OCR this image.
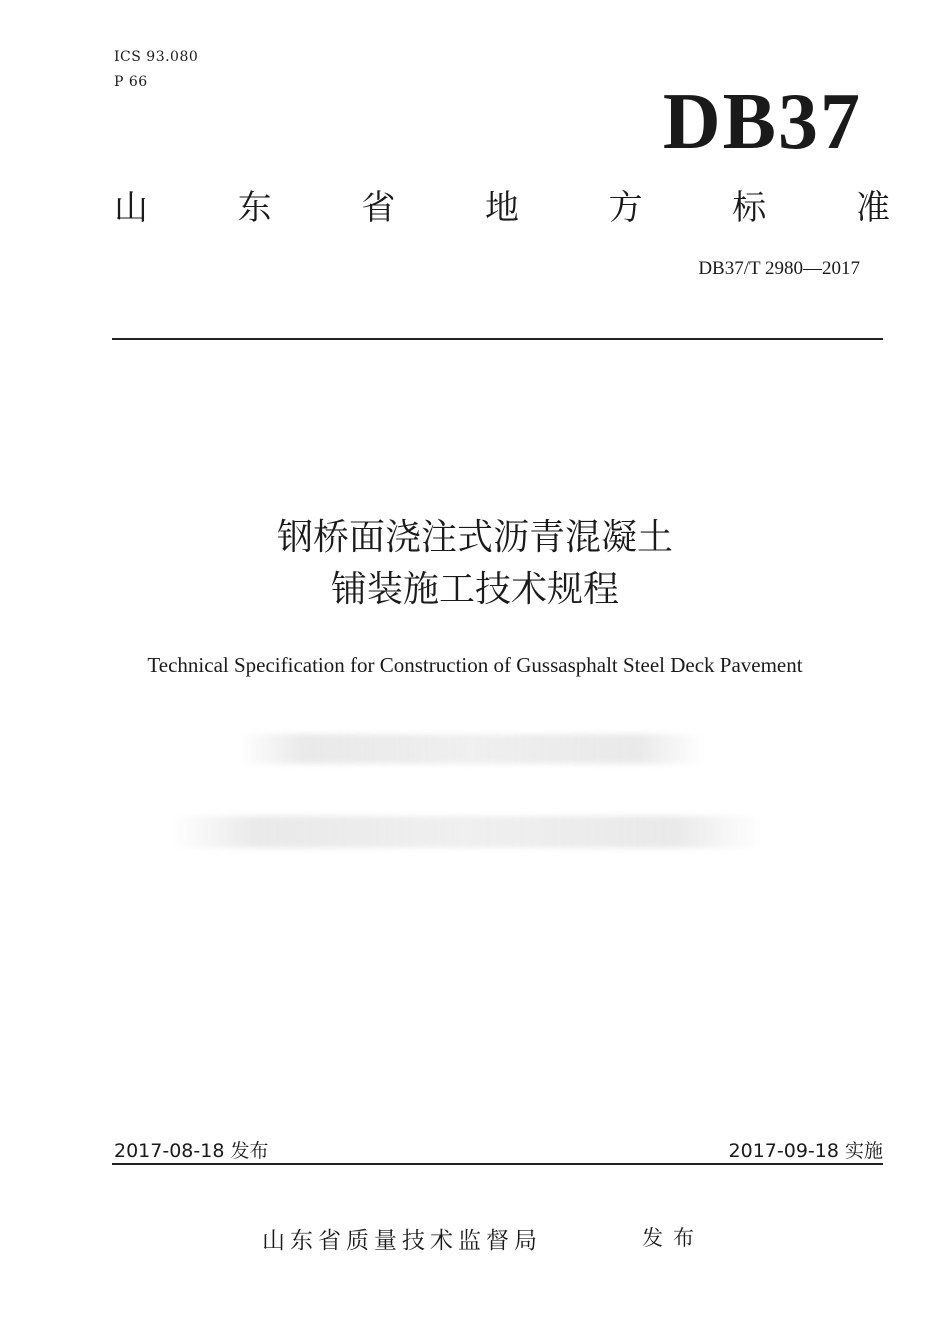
ICS 93.080
P 66	DB37
山	东	省	地	方	标	准
DB37/T 2980—2017
钢桥面浇注式沥青混凝土
铺装施工技术规程
Technical Specification for Construction of Gussasphalt Steel Deck Pavement
2017-08-18 发布	2017-09-18 实施
山东省质量技术监督局	发布
